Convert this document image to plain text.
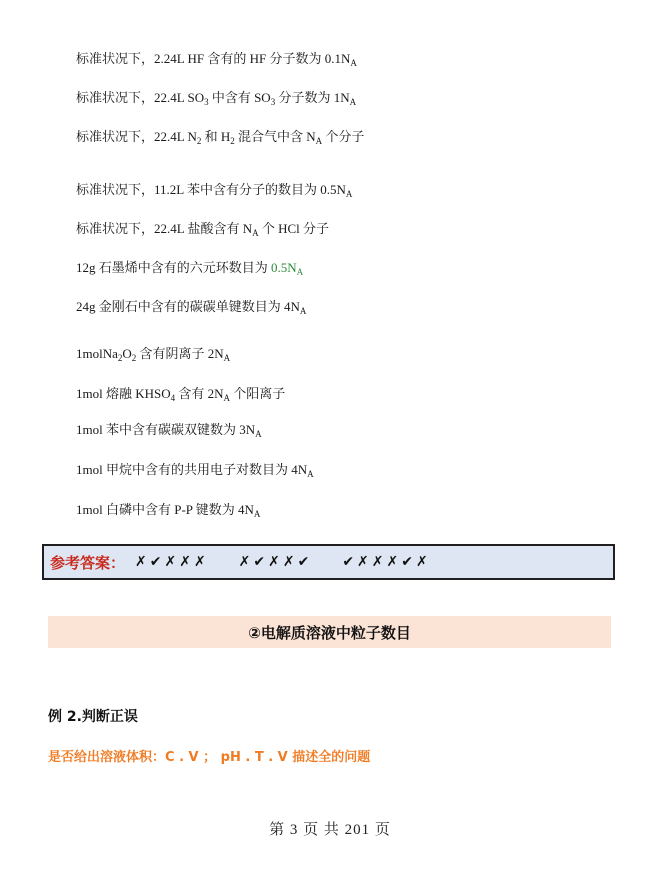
标准状况下，2.24L HF 含有的 HF 分子数为 $0.1N_A$
标准状况下，22.4L $SO_3$ 中含有 $SO_3$ 分子数为 $1N_A$
标准状况下，22.4L $N_2$ 和 $H_2$ 混合气中含 $N_A$ 个分子
标准状况下，11.2L 苯中含有分子的数目为 $0.5N_A$
标准状况下，22.4L 盐酸含有 $N_A$ 个 HCl 分子
12g 石墨烯中含有的六元环数目为 $0.5N_A$
24g 金刚石中含有的碳碳单键数目为 $4N_A$
$1molNa_2O_2$ 含有阴离子 $2N_A$
1mol 熔融 $KHSO_4$ 含有 $2N_A$ 个阳离子
1mol 苯中含有碳碳双键数为 $3N_A$
1mol 甲烷中含有的共用电子对数目为 $4N_A$
1mol 白磷中含有 P-P 键数为 $4N_A$
参考答案： ✗✔✗✗✗ ✗✔✗✗✔ ✔✗✗✗✔✗
②电解质溶液中粒子数目
例 2.判断正误
是否给出溶液体积：C . V ； pH . T . V 描述全的问题
第 3 页 共 201 页
